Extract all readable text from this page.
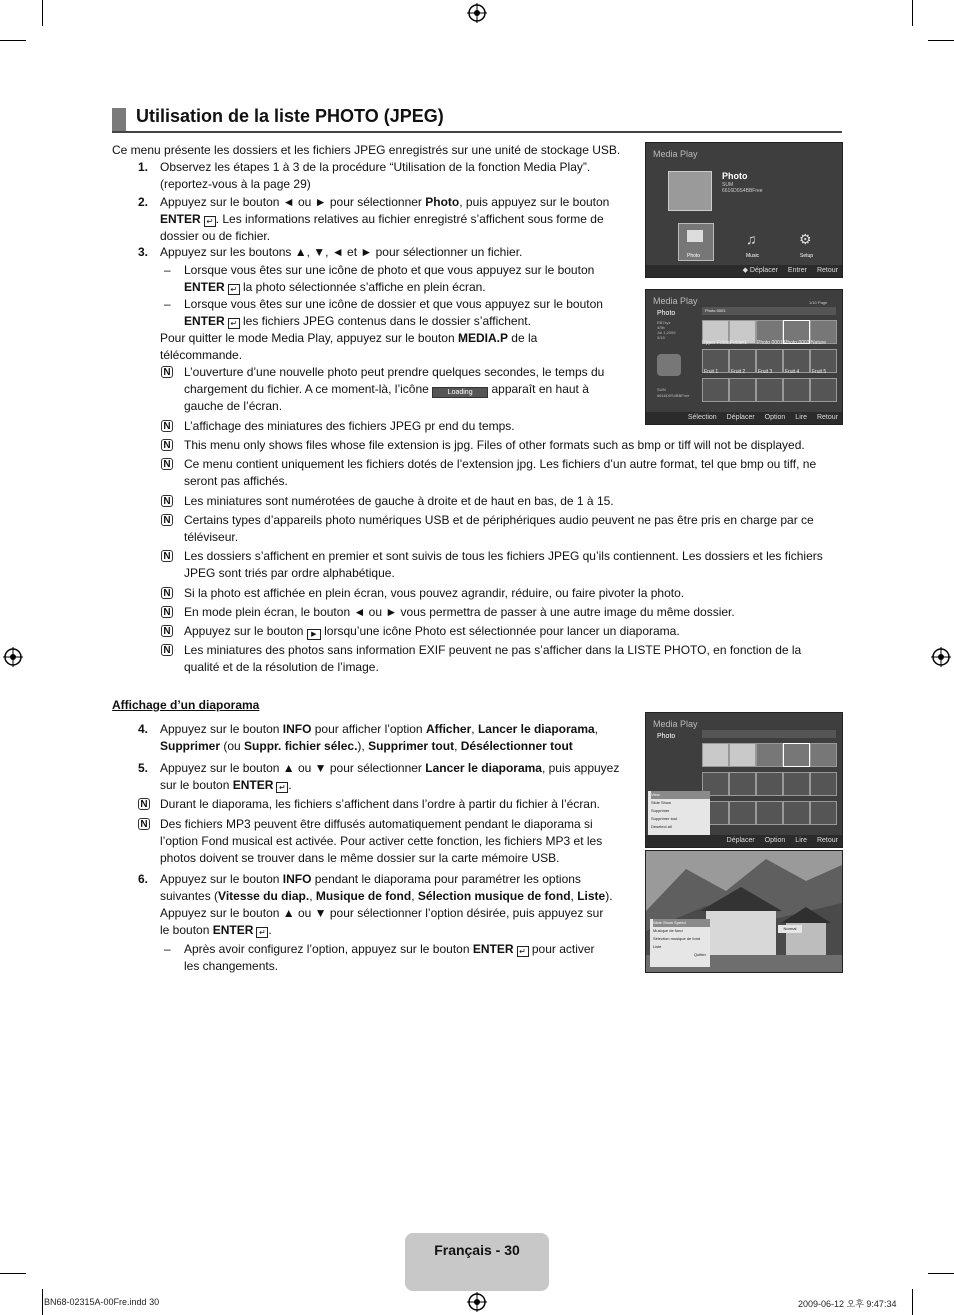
Utilisation de la liste PHOTO (JPEG)
Ce menu présente les dossiers et les fichiers JPEG enregistrés sur une unité de stockage USB.
1. Observez les étapes 1 à 3 de la procédure “Utilisation de la fonction Media Play”.
(reportez-vous à la page 29)
2. Appuyez sur le bouton ◄ ou ► pour sélectionner Photo, puis appuyez sur le bouton
ENTER ↵ . Les informations relatives au fichier enregistré s’affichent sous forme de
dossier ou de fichier.
3. Appuyez sur les boutons ▲, ▼, ◄ et ► pour sélectionner un fichier.
– Lorsque vous êtes sur une icône de photo et que vous appuyez sur le bouton
ENTER ↵ la photo sélectionnée s’affiche en plein écran.
– Lorsque vous êtes sur une icône de dossier et que vous appuyez sur le bouton
ENTER ↵ les fichiers JPEG contenus dans le dossier s’affichent.
Pour quitter le mode Media Play, appuyez sur le bouton MEDIA.P de la
télécommande.
N L’ouverture d’une nouvelle photo peut prendre quelques secondes, le temps du
chargement du fichier. A ce moment-là, l’icône	Loading apparaît en haut à
gauche de l’écran.
N L’affichage des miniatures des fichiers JPEG pr end du temps.
N This menu only shows files whose file extension is jpg. Files of other formats such as bmp or tiff will not be displayed.
N Ce menu contient uniquement les fichiers dotés de l’extension jpg. Les fichiers d’un autre format, tel que bmp ou tiff, ne
seront pas affichés.
N Les miniatures sont numérotées de gauche à droite et de haut en bas, de 1 à 15.
N Certains types d’appareils photo numériques USB et de périphériques audio peuvent ne pas être pris en charge par ce
téléviseur.
N Les dossiers s’affichent en premier et sont suivis de tous les fichiers JPEG qu’ils contiennent. Les dossiers et les fichiers
JPEG sont triés par ordre alphabétique.
N Si la photo est affichée en plein écran, vous pouvez agrandir, réduire, ou faire pivoter la photo.
N En mode plein écran, le bouton ◄ ou ► vous permettra de passer à une autre image du même dossier.
N Appuyez sur le bouton ▶ lorsqu’une icône Photo est sélectionnée pour lancer un diaporama.
N Les miniatures des photos sans information EXIF peuvent ne pas s’afficher dans la LISTE PHOTO, en fonction de la
qualité et de la résolution de l’image.
Affichage d’un diaporama
4. Appuyez sur le bouton INFO pour afficher l’option Afficher, Lancer le diaporama,
Supprimer (ou Suppr. fichier sélec.), Supprimer tout, Désélectionner tout
5. Appuyez sur le bouton ▲ ou ▼ pour sélectionner Lancer le diaporama, puis appuyez
sur le bouton ENTER ↵ .
N Durant le diaporama, les fichiers s’affichent dans l’ordre à partir du fichier à l’écran.
N Des fichiers MP3 peuvent être diffusés automatiquement pendant le diaporama si
l’option Fond musical est activée. Pour activer cette fonction, les fichiers MP3 et les
photos doivent se trouver dans le même dossier sur la carte mémoire USB.
6. Appuyez sur le bouton INFO pendant le diaporama pour paramétrer les options
suivantes (Vitesse du diap., Musique de fond, Sélection musique de fond, Liste).
Appuyez sur le bouton ▲ ou ▼ pour sélectionner l’option désirée, puis appuyez sur
le bouton ENTER ↵ .
– Après avoir configurez l’option, appuyez sur le bouton ENTER ↵ pour activer
les changements.
Media Play
Photo
SUM
6616D0S4BBFree
Photo
♫
Music
⚙
Setup
◆ Déplacer Entrer Retour
Media Play	1/10 Page
Photo 0001
Photo
EB7xyz
4/9b
Jul 1,2009
3/15
SUM
6616D0S4BBFree
Upper Folder
Folder1 Photo 0001 Photo 0002 Nature
Fruit 1	Fruit 2	Fruit 3	Fruit 4	Fruit 5
Sélection Déplacer Option Lire Retour
Media Play
Photo
View
Slide Show
Supprimer
Supprimer tout
Deselect all
Déplacer Option Lire Retour
Slide Show Speed
Musique de fond
Sélection musique de fond
Liste
Quitter
Normal
Français - 30
BN68-02315A-00Fre.indd 30	2009-06-12 오후 9:47:34
